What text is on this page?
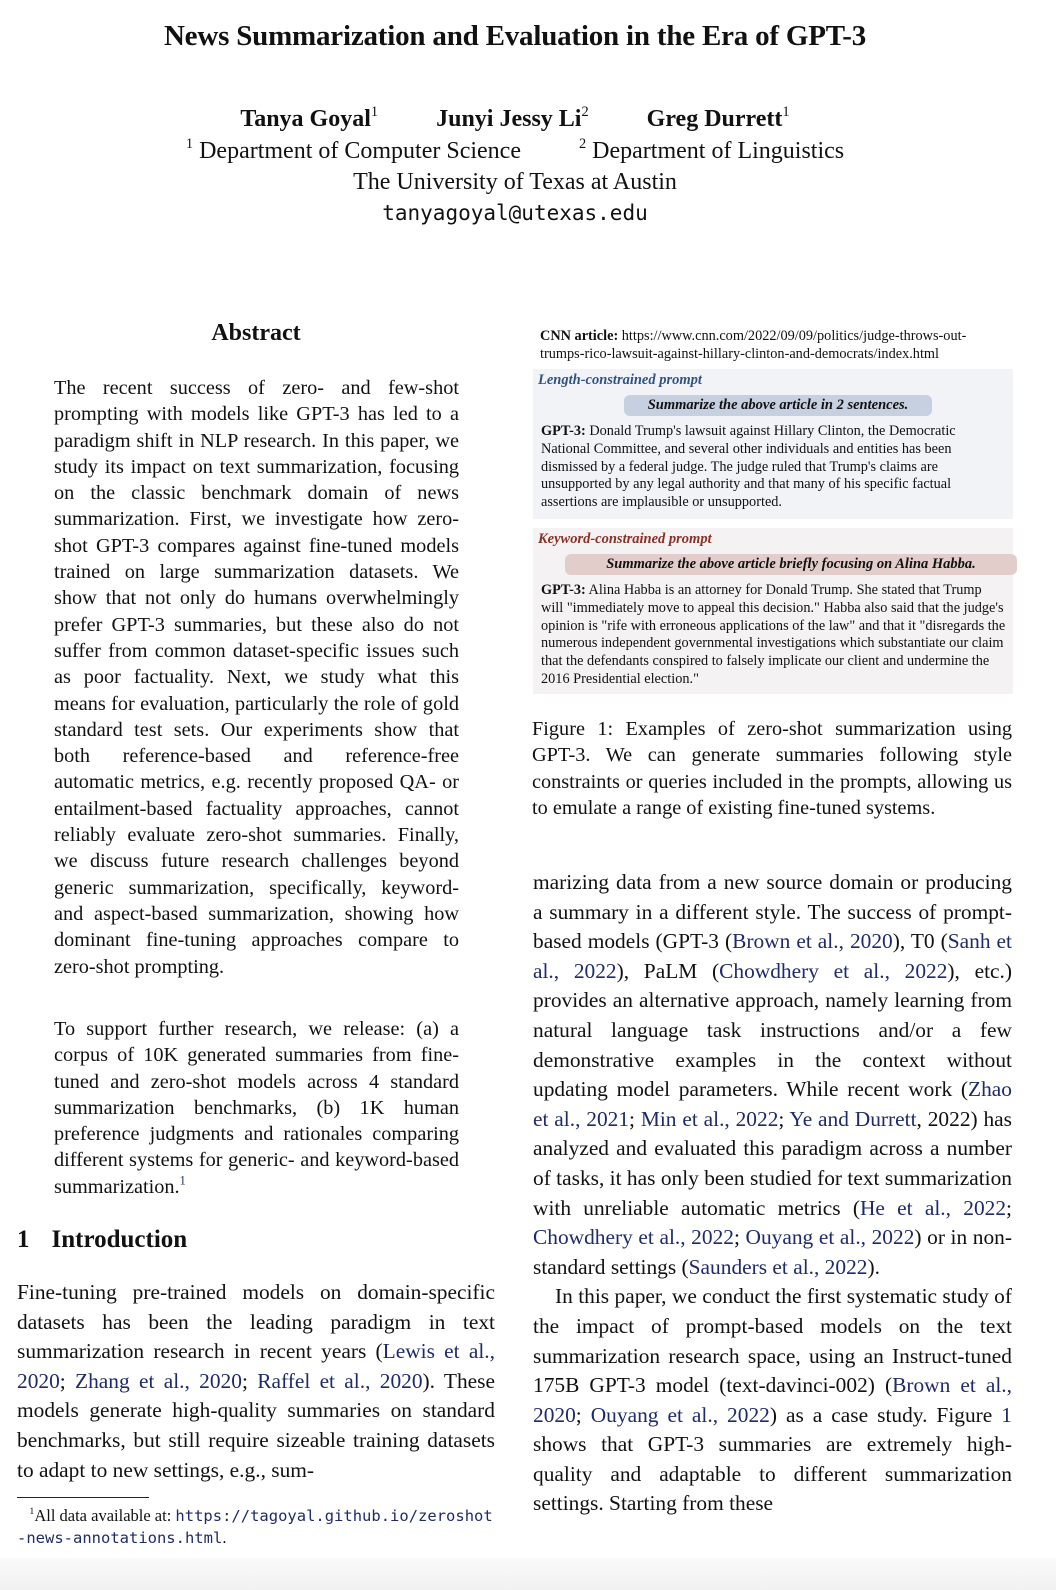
News Summarization and Evaluation in the Era of GPT-3
Tanya Goyal$^1$ Junyi Jessy Li$^2$ Greg Durrett$^1$
$^1$ Department of Computer Science	$^2$ Department of Linguistics
The University of Texas at Austin
tanyagoyal@utexas.edu
Abstract
The recent success of zero- and few-shot prompting with models like GPT-3 has led to a paradigm shift in NLP research. In this paper, we study its impact on text summarization, focusing on the classic benchmark domain of news summarization. First, we investigate how zero-shot GPT-3 compares against fine-tuned models trained on large summarization datasets. We show that not only do humans overwhelmingly prefer GPT-3 summaries, but these also do not suffer from common dataset-specific issues such as poor factuality. Next, we study what this means for evaluation, particularly the role of gold standard test sets. Our experiments show that both reference-based and reference-free automatic metrics, e.g. recently proposed QA- or entailment-based factuality approaches, cannot reliably evaluate zero-shot summaries. Finally, we discuss future research challenges beyond generic summarization, specifically, keyword- and aspect-based summarization, showing how dominant fine-tuning approaches compare to zero-shot prompting.
To support further research, we release: (a) a corpus of 10K generated summaries from fine-tuned and zero-shot models across 4 standard summarization benchmarks, (b) 1K human preference judgments and rationales comparing different systems for generic- and keyword-based summarization.$^1$
CNN article: https://www.cnn.com/2022/09/09/politics/judge-throws-out-trumps-rico-lawsuit-against-hillary-clinton-and-democrats/index.html
Length-constrained prompt
Summarize the above article in 2 sentences.
GPT-3: Donald Trump's lawsuit against Hillary Clinton, the Democratic National Committee, and several other individuals and entities has been dismissed by a federal judge. The judge ruled that Trump's claims are unsupported by any legal authority and that many of his specific factual assertions are implausible or unsupported.
Keyword-constrained prompt
Summarize the above article briefly focusing on Alina Habba.
GPT-3: Alina Habba is an attorney for Donald Trump. She stated that Trump will "immediately move to appeal this decision." Habba also said that the judge's opinion is "rife with erroneous applications of the law" and that it "disregards the numerous independent governmental investigations which substantiate our claim that the defendants conspired to falsely implicate our client and undermine the 2016 Presidential election."
Figure 1: Examples of zero-shot summarization using GPT-3. We can generate summaries following style constraints or queries included in the prompts, allowing us to emulate a range of existing fine-tuned systems.
1 Introduction
Fine-tuning pre-trained models on domain-specific datasets has been the leading paradigm in text summarization research in recent years (Lewis et al., 2020; Zhang et al., 2020; Raffel et al., 2020). These models generate high-quality summaries on standard benchmarks, but still require sizeable training datasets to adapt to new settings, e.g., sum-
$^1$All data available at: https://tagoyal.github.io/zeroshot-news-annotations.html.
marizing data from a new source domain or producing a summary in a different style. The success of prompt-based models (GPT-3 (Brown et al., 2020), T0 (Sanh et al., 2022), PaLM (Chowdhery et al., 2022), etc.) provides an alternative approach, namely learning from natural language task instructions and/or a few demonstrative examples in the context without updating model parameters. While recent work (Zhao et al., 2021; Min et al., 2022; Ye and Durrett, 2022) has analyzed and evaluated this paradigm across a number of tasks, it has only been studied for text summarization with unreliable automatic metrics (He et al., 2022; Chowdhery et al., 2022; Ouyang et al., 2022) or in non-standard settings (Saunders et al., 2022).
In this paper, we conduct the first systematic study of the impact of prompt-based models on the text summarization research space, using an Instruct-tuned 175B GPT-3 model (text-davinci-002) (Brown et al., 2020; Ouyang et al., 2022) as a case study. Figure 1 shows that GPT-3 summaries are extremely high-quality and adaptable to different summarization settings. Starting from these
